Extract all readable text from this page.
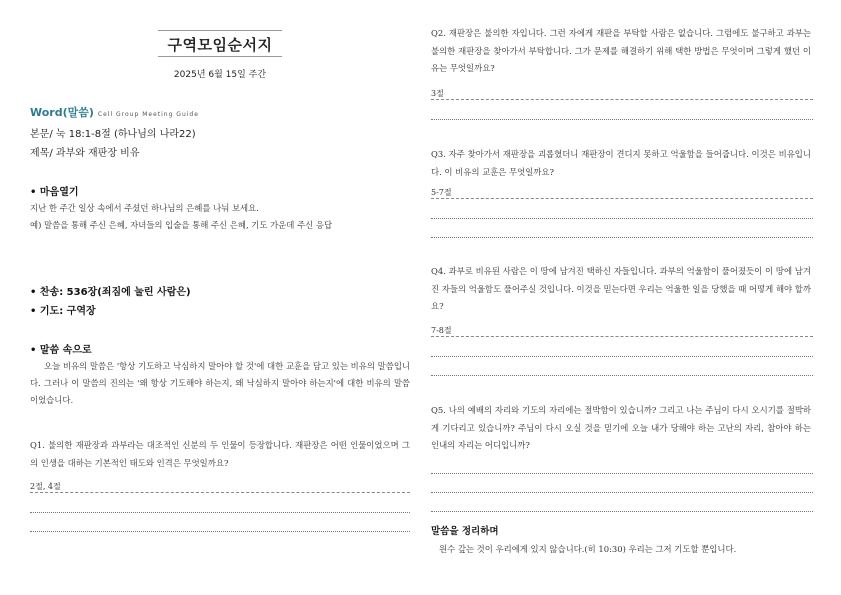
구역모임순서지
2025년 6월 15일 주간
Word(말씀) Cell Group Meeting Guide
본문/ 눅 18:1-8절 (하나님의 나라22)
제목/ 과부와 재판장 비유
• 마음열기
지난 한 주간 일상 속에서 주셨던 하나님의 은혜를 나눠 보세요.
예) 말씀을 통해 주신 은혜, 자녀들의 입술을 통해 주신 은혜, 기도 가운데 주신 응답
• 찬송: 536장(죄짐에 눌린 사람은)
• 기도: 구역장
• 말씀 속으로
오늘 비유의 말씀은 '항상 기도하고 낙심하지 말아야 할 것'에 대한 교훈을 담고 있는 비유의 말씀입니다. 그러나 이 말씀의 진의는 '왜 항상 기도해야 하는지, 왜 낙심하지 말아야 하는지'에 대한 비유의 말씀이었습니다.
Q1. 불의한 재판장과 과부라는 대조적인 신분의 두 인물이 등장합니다. 재판장은 어떤 인물이었으며 그의 인생을 대하는 기본적인 태도와 인격은 무엇일까요?
2절, 4절
Q2. 재판장은 불의한 자입니다. 그런 자에게 재판을 부탁할 사람은 없습니다. 그럼에도 불구하고 과부는 불의한 재판장을 찾아가서 부탁합니다. 그가 문제를 해결하기 위해 택한 방법은 무엇이며 그렇게 했던 이유는 무엇일까요?
3절
Q3. 자주 찾아가서 재판장을 괴롭혔더니 재판장이 견디지 못하고 억울함을 들어줍니다. 이것은 비유입니다. 이 비유의 교훈은 무엇일까요?
5-7절
Q4. 과부로 비유된 사람은 이 땅에 남겨진 택하신 자들입니다. 과부의 억울함이 풀어졌듯이 이 땅에 남겨진 자들의 억울함도 풀어주실 것입니다. 이것을 믿는다면 우리는 억울한 일을 당했을 때 어떻게 해야 할까요?
7-8절
Q5. 나의 예배의 자리와 기도의 자리에는 절박함이 있습니까? 그리고 나는 주님이 다시 오시기를 절박하게 기다리고 있습니까? 주님이 다시 오실 것을 믿기에 오늘 내가 당해야 하는 고난의 자리, 참아야 하는 인내의 자리는 어디입니까?
말씀을 정리하며
원수 갚는 것이 우리에게 있지 않습니다.(히 10:30) 우리는 그저 기도할 뿐입니다.
